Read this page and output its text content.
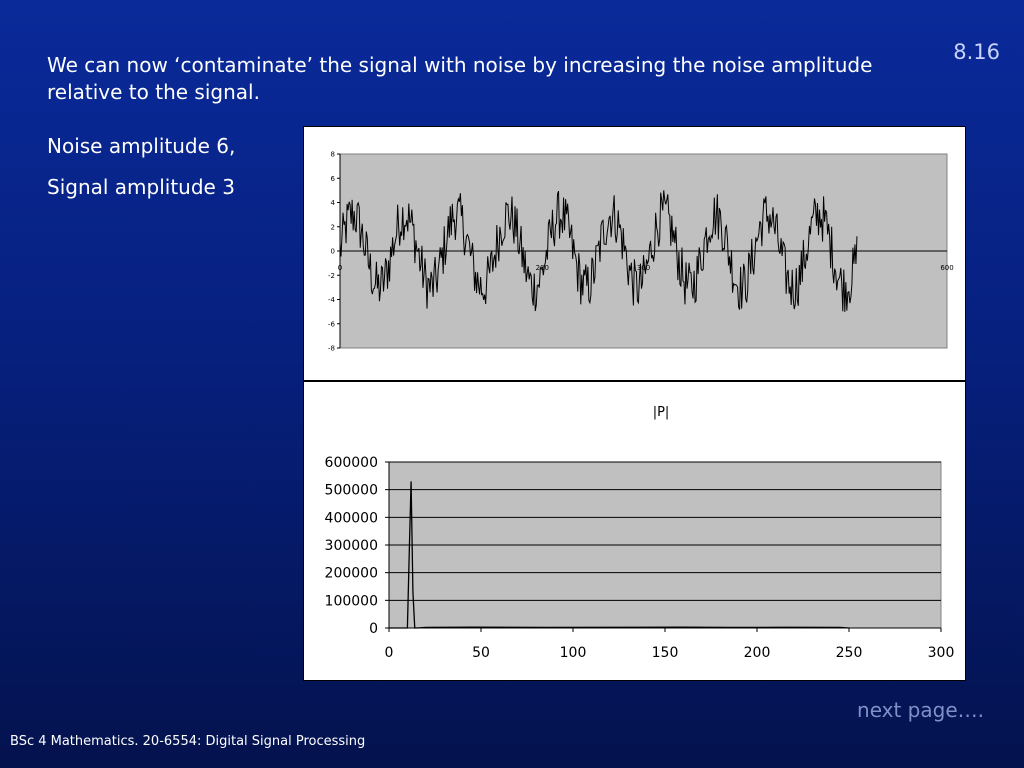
8.16
We can now ‘contaminate’ the signal with noise by increasing the noise amplitude relative to the signal.
Noise amplitude 6,
Signal amplitude 3
8
6
4
2
0
-2
-4
-6
-8
0	200	300	600
|P|
600000
500000
400000
300000
200000
100000
0
0	50	100	150	200	250	300
next page….
BSc 4 Mathematics. 20-6554: Digital Signal Processing
